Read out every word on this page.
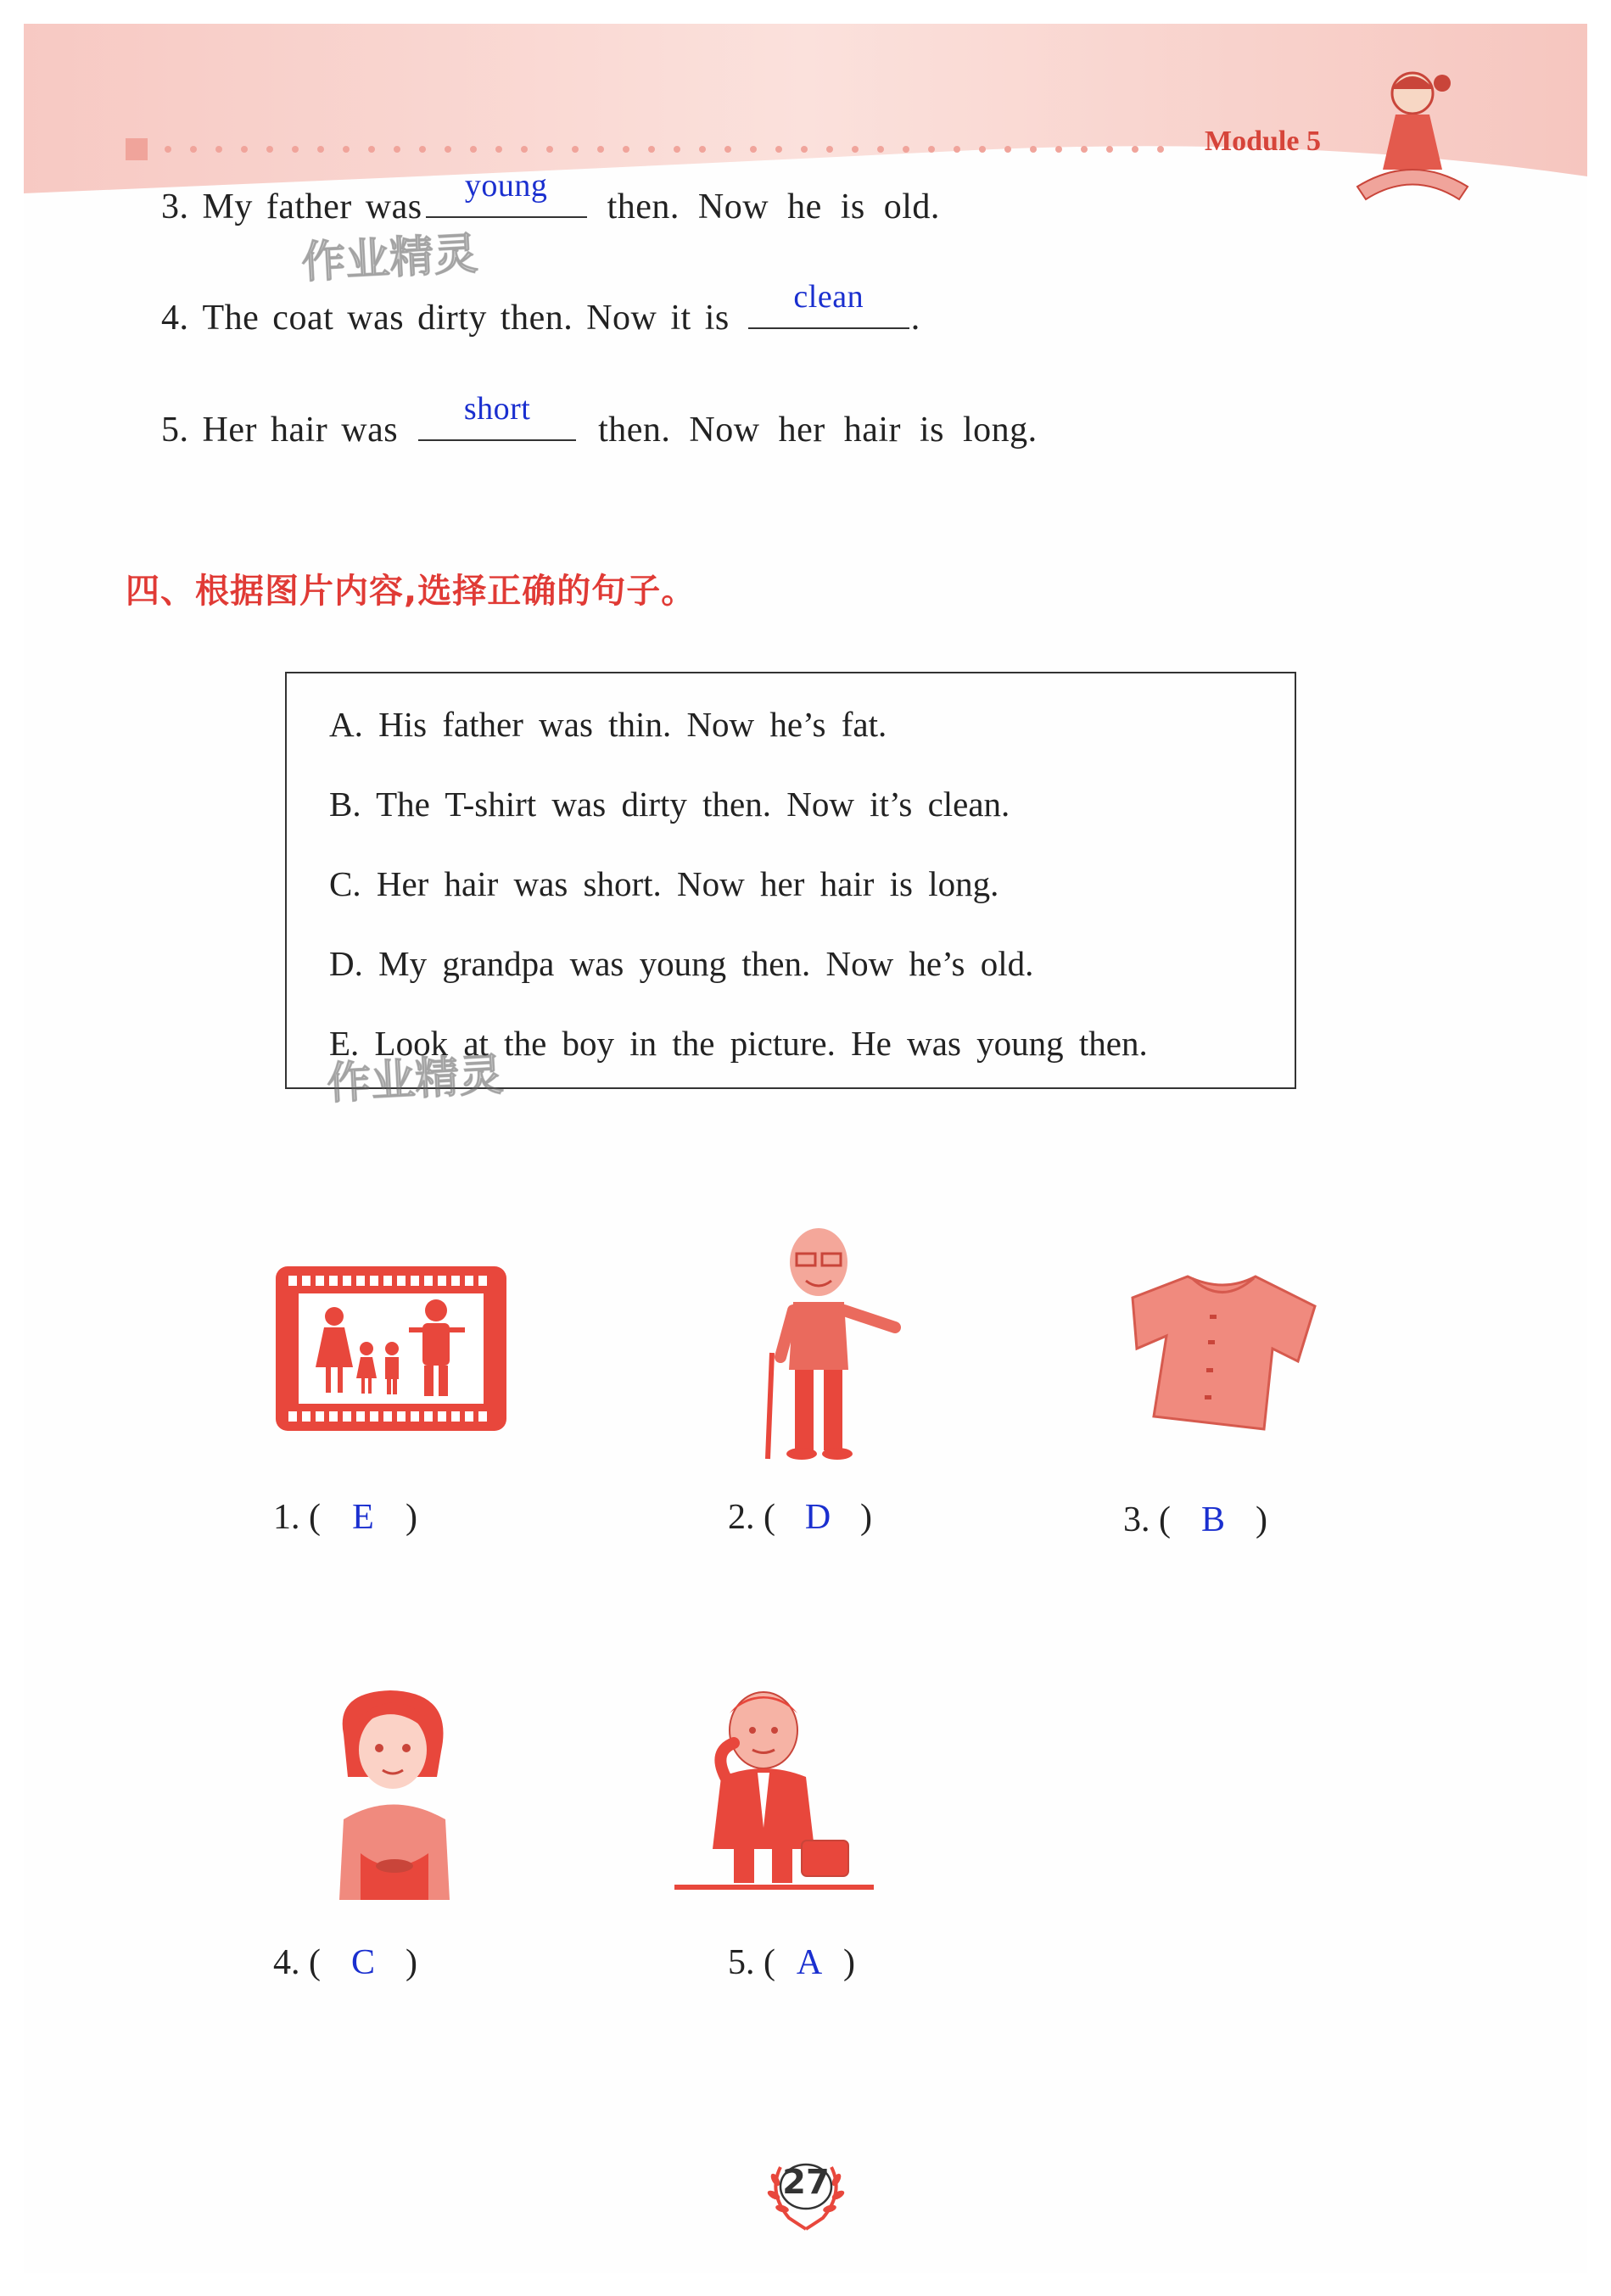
Module 5
3. My father was
young
then.  Now  he  is  old.
4. The coat was dirty then. Now it is
clean
.
5. Her hair was
short
then.  Now  her  hair  is  long.
作业精灵
四、根据图片内容,选择正确的句子。
A. His father was thin. Now he’s fat.
B. The T-shirt was dirty then. Now it’s clean.
C. Her hair was short. Now her hair is long.
D. My grandpa was young then. Now he’s old.
E. Look at the boy in the picture. He was young then.
作业精灵
1. ( E )	2. ( D )	3. ( B )
4. ( C )	5. ( A )
27
